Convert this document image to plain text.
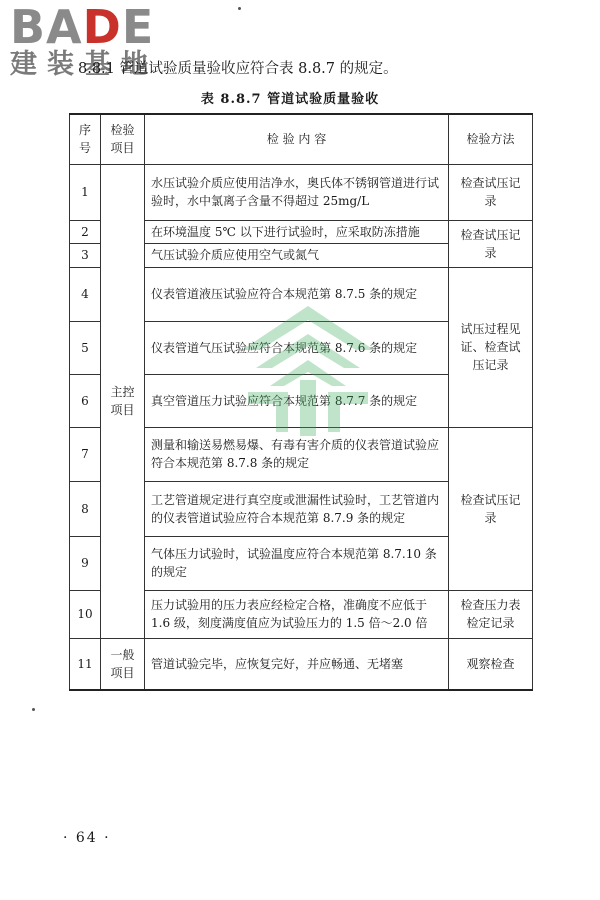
BADE
建装基地
8.8.1 管道试验质量验收应符合表 8.8.7 的规定。
表 8.8.7 管道试验质量验收
序号	检验项目	检 验 内 容	检验方法
1	主控项目	水压试验介质应使用洁净水，奥氏体不锈钢管道进行试验时，水中氯离子含量不得超过 25mg/L	检查试压记录
2		在环境温度 5℃ 以下进行试验时，应采取防冻措施	检查试压记录
3		气压试验介质应使用空气或氮气	
4		仪表管道液压试验应符合本规范第 8.7.5 条的规定	试压过程见证、检查试压记录
5		仪表管道气压试验应符合本规范第 8.7.6 条的规定	
6		真空管道压力试验应符合本规范第 8.7.7 条的规定	
7		测量和输送易燃易爆、有毒有害介质的仪表管道试验应符合本规范第 8.7.8 条的规定	检查试压记录
8		工艺管道规定进行真空度或泄漏性试验时，工艺管道内的仪表管道试验应符合本规范第 8.7.9 条的规定	
9		气体压力试验时，试验温度应符合本规范第 8.7.10 条的规定	
10		压力试验用的压力表应经检定合格，准确度不应低于 1.6 级，刻度满度值应为试验压力的 1.5 倍～2.0 倍	检查压力表检定记录
11	一般项目	管道试验完毕，应恢复完好，并应畅通、无堵塞	观察检查
· 64 ·
